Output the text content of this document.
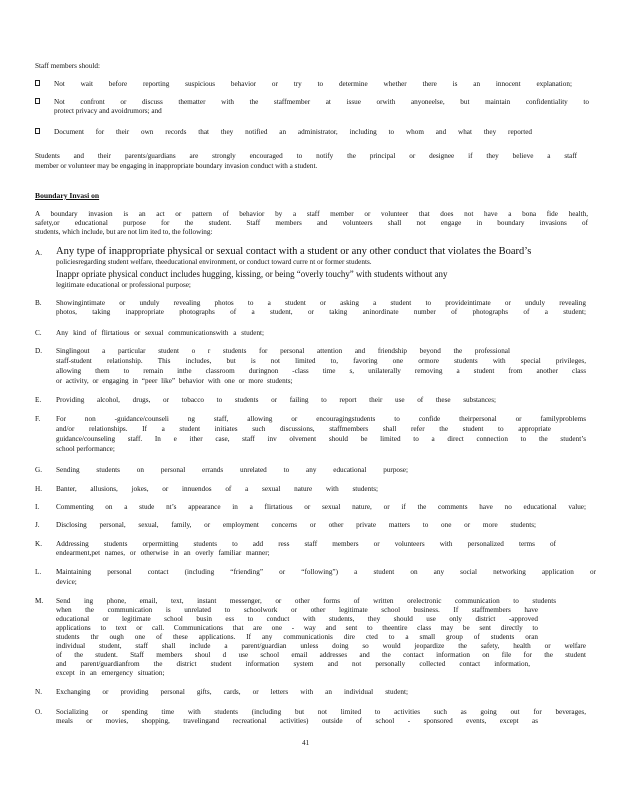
Staff members should:
Not wait before reporting suspicious behavior or try to determine whether there is an innocent explanation;
Not confront or discuss thematter with the staffmember at issue orwith anyoneelse, but maintain confidentiality to
protect privacy and avoidrumors; and
Document for their own records that they notified an administrator, including to whom and what they reported
Students and their parents/guardians are strongly encouraged to notify the principal or designee if they believe a staff
member or volunteer may be engaging in inappropriate boundary invasion conduct with a student.
Boundary Invasi on
A boundary invasion is an act or pattern of behavior by a staff member or volunteer that does not have a bona fide health,
safety,or educational purpose for the student. Staff members and volunteers shall not engage in boundary invasions of
students, which include, but are not lim ited to, the following:
A. Any type of inappropriate physical or sexual contact with a student or any other conduct that violates the Board’s
policiesregarding student welfare, theeducational environment, or conduct toward curre nt or former students.
Inappr opriate physical conduct includes hugging, kissing, or being “overly touchy” with students without any
legitimate educational or professional purpose;
B. Showingintimate or unduly revealing photos to a student or asking a student to provideintimate or unduly revealing
photos, taking inappropriate photographs of a student, or taking aninordinate number of photographs of a student;
C. Any kind of flirtatious or sexual communicationswith a student;
D. Singlingout a particular student o r students for personal attention and friendship beyond the professional
staff-student relationship. This includes, but is not limited to, favoring one ormore students with special privileges,
allowing them to remain inthe classroom duringnon -class time s, unilaterally removing a student from another class
or activity, or engaging in “peer like” behavior with one or more students;
E. Providing alcohol, drugs, or tobacco to students or failing to report their use of these substances;
F. For non -guidance/counseli ng staff, allowing or encouragingstudents to confide theirpersonal or familyproblems
and/or relationships. If a student initiates such discussions, staffmembers shall refer the student to appropriate
guidance/counseling staff. In e ither case, staff inv olvement should be limited to a direct connection to the student’s
school performance;
G. Sending students on personal errands unrelated to any educational purpose;
H. Banter, allusions, jokes, or innuendos of a sexual nature with students;
I. Commenting on a stude nt’s appearance in a flirtatious or sexual nature, or if the comments have no educational value;
J. Disclosing personal, sexual, family, or employment concerns or other private matters to one or more students;
K. Addressing students orpermitting students to add ress staff members or volunteers with personalized terms of
endearment,pet names, or otherwise in an overly familiar manner;
L. Maintaining personal contact (including “friending” or “following”) a student on any social networking application or
device;
M. Send ing phone, email, text, instant messenger, or other forms of written orelectronic communication to students
when the communication is unrelated to schoolwork or other legitimate school business. If staffmembers have
educational or legitimate school busin ess to conduct with students, they should use only district -approved
applications to text or call. Communications that are one - way and sent to theentire class may be sent directly to
students thr ough one of these applications. If any communicationis dire cted to a small group of students oran
individual student, staff shall include a parent/guardian unless doing so would jeopardize the safety, health or welfare
of the student. Staff members shoul d use school email addresses and the contact information on file for the student
and parent/guardianfrom the district student information system and not personally collected contact information,
except in an emergency situation;
N. Exchanging or providing personal gifts, cards, or letters with an individual student;
O. Socializing or spending time with students (including but not limited to activities such as going out for beverages,
meals or movies, shopping, travelingand recreational activities) outside of school - sponsored events, except as
41
